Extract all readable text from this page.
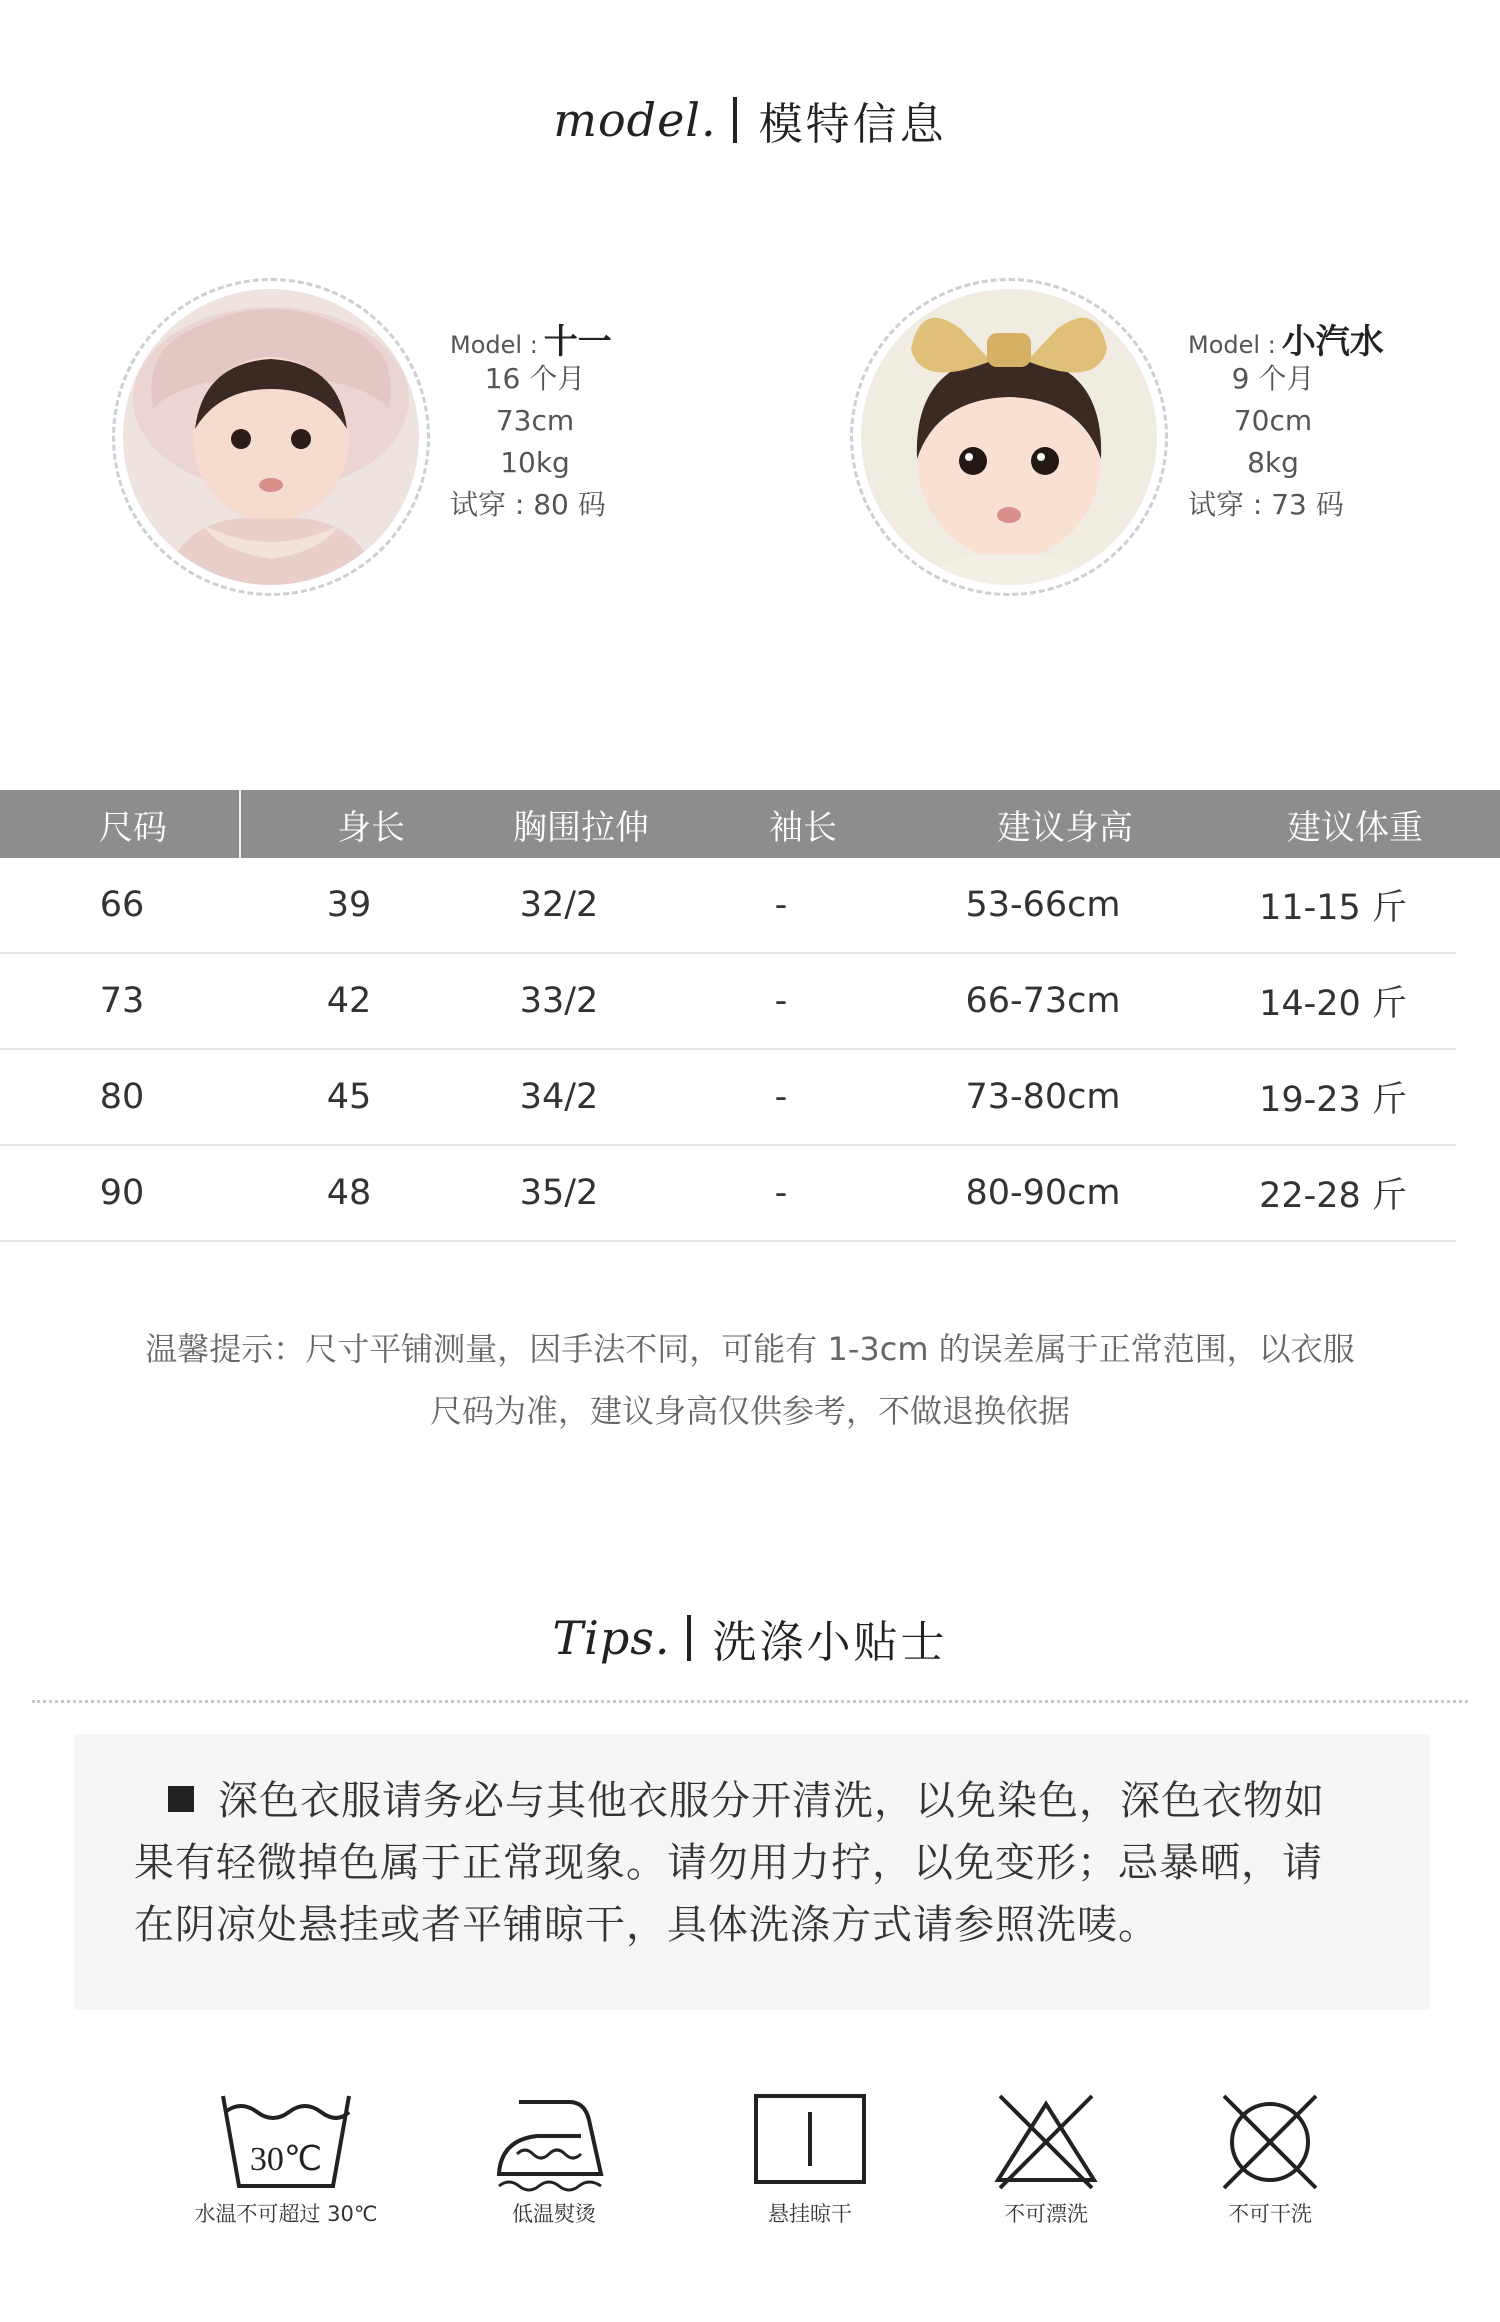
model. 模特信息
Model : 十一
16 个月
73cm
10kg
试穿 : 80 码
Model : 小汽水
9 个月
70cm
8kg
试穿 : 73 码
尺码	身长	胸围拉伸	袖长	建议身高	建议体重
66	39	32/2	-	53-66cm	11-15 斤
73	42	33/2	-	66-73cm	14-20 斤
80	45	34/2	-	73-80cm	19-23 斤
90	48	35/2	-	80-90cm	22-28 斤
温馨提示：尺寸平铺测量，因手法不同，可能有 1-3cm 的误差属于正常范围，以衣服
尺码为准，建议身高仅供参考，不做退换依据
Tips. 洗涤小贴士
深色衣服请务必与其他衣服分开清洗，以免染色，深色衣物如
果有轻微掉色属于正常现象。请勿用力拧，以免变形；忌暴晒，请
在阴凉处悬挂或者平铺晾干，具体洗涤方式请参照洗唛。
30℃
水温不可超过 30℃	低温熨烫	悬挂晾干	不可漂洗	不可干洗
